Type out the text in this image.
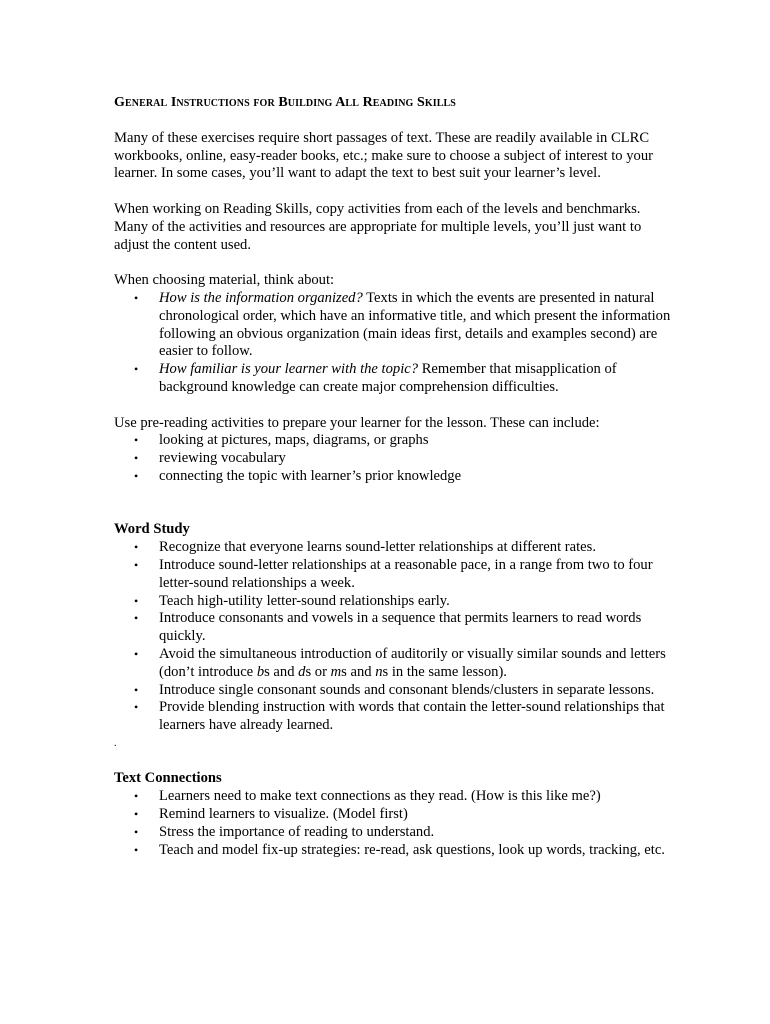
General Instructions for Building All Reading Skills

Many of these exercises require short passages of text. These are readily available in CLRC workbooks, online, easy-reader books, etc.; make sure to choose a subject of interest to your learner. In some cases, you’ll want to adapt the text to best suit your learner’s level.

When working on Reading Skills, copy activities from each of the levels and benchmarks. Many of the activities and resources are appropriate for multiple levels, you’ll just want to adjust the content used.

When choosing material, think about:

• How is the information organized? Texts in which the events are presented in natural chronological order, which have an informative title, and which present the information following an obvious organization (main ideas first, details and examples second) are easier to follow.
• How familiar is your learner with the topic? Remember that misapplication of background knowledge can create major comprehension difficulties.

Use pre-reading activities to prepare your learner for the lesson. These can include:

• looking at pictures, maps, diagrams, or graphs
• reviewing vocabulary
• connecting the topic with learner’s prior knowledge

Word Study

• Recognize that everyone learns sound-letter relationships at different rates.
• Introduce sound-letter relationships at a reasonable pace, in a range from two to four letter-sound relationships a week.
• Teach high-utility letter-sound relationships early.
• Introduce consonants and vowels in a sequence that permits learners to read words quickly.
• Avoid the simultaneous introduction of auditorily or visually similar sounds and letters (don’t introduce bs and ds or ms and ns in the same lesson).
• Introduce single consonant sounds and consonant blends/clusters in separate lessons.
• Provide blending instruction with words that contain the letter-sound relationships that learners have already learned.
.

Text Connections

• Learners need to make text connections as they read. (How is this like me?)
• Remind learners to visualize. (Model first)
• Stress the importance of reading to understand.
• Teach and model fix-up strategies: re-read, ask questions, look up words, tracking, etc.
